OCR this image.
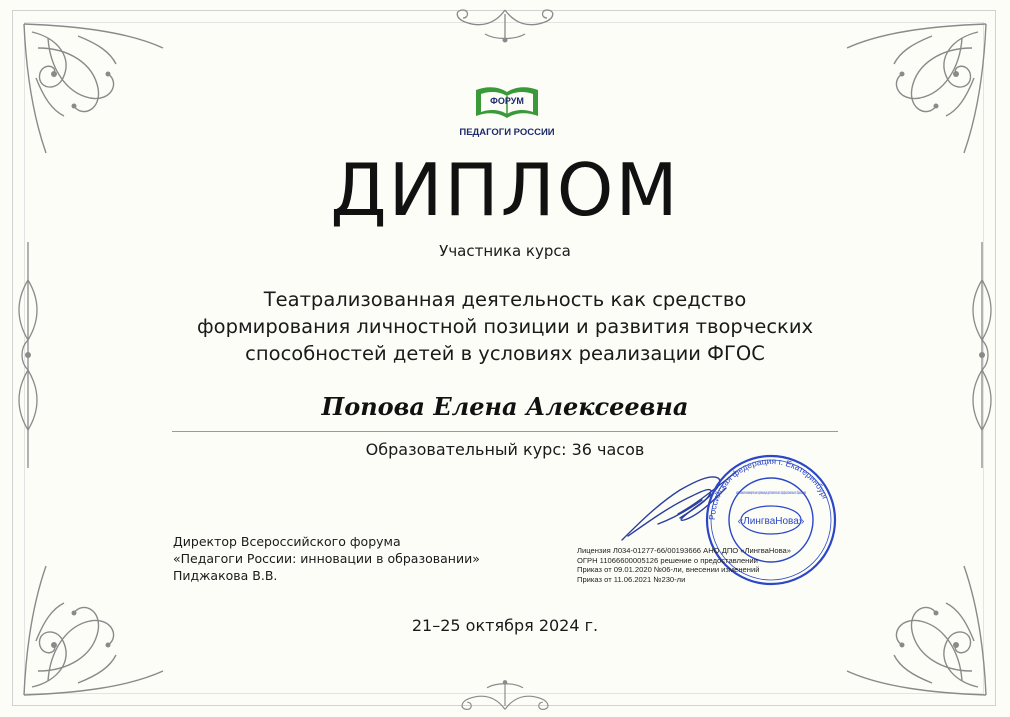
ФОРУМ
ПЕДАГОГИ РОССИИ
ДИПЛОМ
Участника курса
Театрализованная деятельность как средство
формирования личностной позиции и развития творческих
способностей детей в условиях реализации ФГОС
Попова Елена Алексеевна
Образовательный курс: 36 часов
Директор Всероссийского форума
«Педагоги России: инновации в образовании»
Пиджакова В.В.
Российская федерация г. Екатеринбург
автономная некоммерческая организация дополнительного профессионального образования
«ЛингваНова»
Лицензия Л034-01277-66/00193666 АНО ДПО «ЛингваНова»
ОГРН 11066600005126 решение о предоставлении
Приказ от 09.01.2020 №06-ли, внесении изменений
Приказ от 11.06.2021 №230-ли
21–25 октября 2024 г.
